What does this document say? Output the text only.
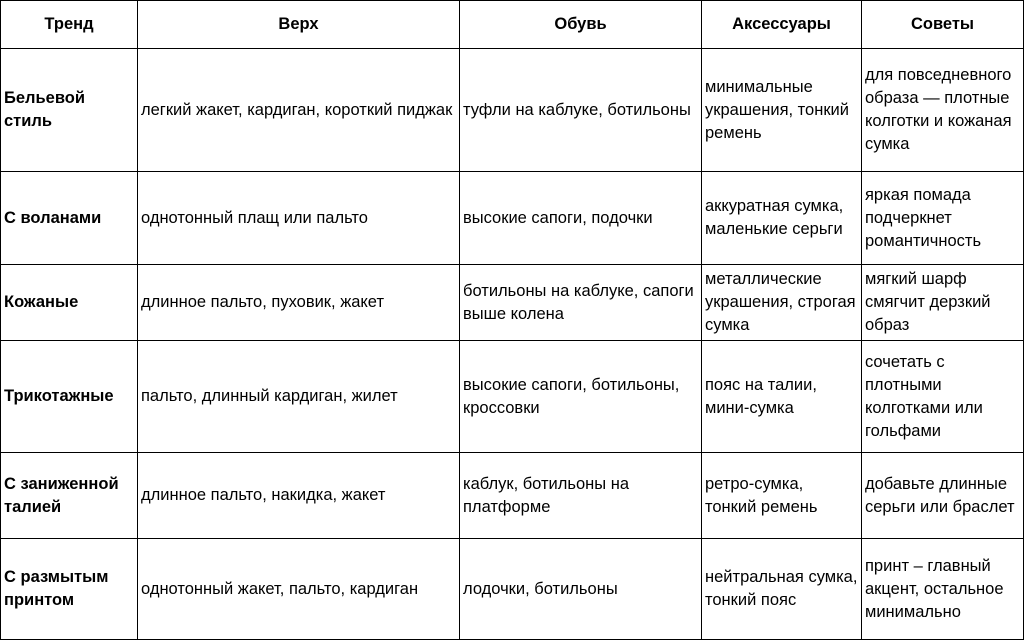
Тренд	Верх	Обувь	Аксессуары	Советы
Бельевой стиль	легкий жакет, кардиган, короткий пиджак	туфли на каблуке, ботильоны	минимальные украшения, тонкий ремень	для повседневного образа — плотные колготки и кожаная сумка
С воланами	однотонный плащ или пальто	высокие сапоги, подочки	аккуратная сумка, маленькие серьги	яркая помада подчеркнет романтичность
Кожаные	длинное пальто, пуховик, жакет	ботильоны на каблуке, сапоги выше колена	металлические украшения, строгая сумка	мягкий шарф смягчит дерзкий образ
Трикотажные	пальто, длинный кардиган, жилет	высокие сапоги, ботильоны, кроссовки	пояс на талии, мини-сумка	сочетать с плотными колготками или гольфами
С заниженной талией	длинное пальто, накидка, жакет	каблук, ботильоны на платформе	ретро-сумка, тонкий ремень	добавьте длинные серьги или браслет
С размытым принтом	однотонный жакет, пальто, кардиган	лодочки, ботильоны	нейтральная сумка, тонкий пояс	принт – главный акцент, остальное минимально
